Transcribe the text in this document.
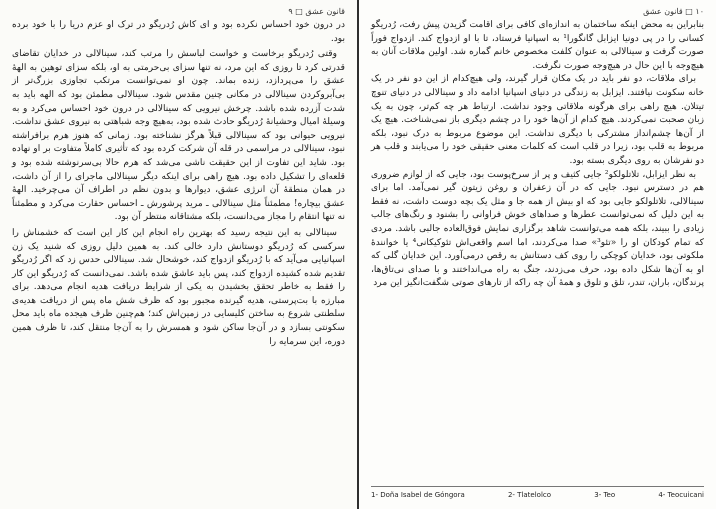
قانون عشق □ ۹

در درون خود احساس نکرده بود و ای کاش رُدریگو در ترک او عزم دریا را با خود برده بود.

وقتی رُدریگو برخاست و خواست لباسش را مرتب کند، سینالالی در خدایان تقاضای قدرتی کرد تا روزی که این مرد، نه تنها سزای بی‌حرمتی به او، بلکه سزای توهین به الههٔ عشق را می‌پردازد، زنده بماند. چون او نمی‌توانست مرتکب تجاوزی بزرگ‌تر از بی‌آبروکردن سینالالی در مکانی چنین مقدس شود. سینالالی مطمئن بود که الهه باید به شدت آزرده شده باشد. چرخش نیرویی که سینالالی در درون خود احساس می‌کرد و به وسیلهٔ امیال وحشیانهٔ رُدریگو حادث شده بود، به‌هیچ وجه شباهتی به نیروی عشق نداشت. نیرویی حیوانی بود که سینالالی قبلاً هرگز نشناخته بود. زمانی که هنوز هرم برافراشته نبود، سینالالی در مراسمی در قله آن شرکت کرده بود که تأثیری کاملاً متفاوت بر او نهاده بود. شاید این تفاوت از این حقیقت ناشی می‌شد که هرم حالا بی‌سرنوشته شده بود و قلعه‌ای را تشکیل داده بود. هیچ راهی برای اینکه دیگر سینالالی ماجرای را از آن داشت، در همان منطقهٔ آن انرژی عشق، دیوارها و بدون نظم در اطراف آن می‌چرخید. الههٔ عشق بیچاره! مطمئناً مثل سینالالی ـ مرید پرشورش ـ احساس حقارت می‌کرد و مطمئناً نه تنها انتقام را مجاز می‌دانست، بلکه مشتاقانه منتظر آن بود.

سینالالی به این نتیجه رسید که بهترین راه انجام این کار این است که خشمناش را سرکسی که رُدریگو دوستانش دارد خالی کند. به همین دلیل روزی که شنید یک زن اسپانیایی می‌آید که با رُدریگو ازدواج کند، خوشحال شد. سینالالی حدس زد که اگر رُدریگو تقدیم شده کشیده ازدواج کند، پس باید عاشق شده باشد. نمی‌دانست که رُدریگو این کار را فقط به خاطر تحقق بخشیدن به یکی از شرایط دریافت هدیه انجام می‌دهد. برای مبارزه با بت‌پرستی، هدیه گیرنده مجبور بود که ظرف شش ماه پس از دریافت هدیه‌ی سلطنتی شروع به ساختن کلیسایی در زمین‌اش کند؛ هم‌چنین ظرف هیجده ماه باید محل سکونتی بسازد و در آن‌جا ساکن شود و همسرش را به آن‌جا منتقل کند، تا ظرف همین دوره، این سرمایه را

۱۰ □ قانون عشق

بنابراین به محض اینکه ساختمان به اندازه‌ای کافی برای اقامت گزیدن پیش رفت، رُدریگو کسانی را در پی دونیا ایزابل گانگورا¹ به اسپانیا فرستاد، تا با او ازدواج کند. ازدواج فوراً صورت گرفت و سینالالی به عنوان کلفت مخصوص خانم گماره شد. اولین ملاقات آنان به هیچ‌وجه با این حال در هیچ‌وجه صورت نگرفت.

برای ملاقات، دو نفر باید در یک مکان قرار گیرند، ولی هیچ‌کدام از این دو نفر در یک خانه سکونت نیافتند. ایزابل به زندگی در دنیای اسپانیا ادامه داد و سینالالی در دنیای تنوچ تیتلان. هیچ راهی برای هرگونه ملاقاتی وجود نداشت. ارتباط هر چه کم‌تر، چون به یک زبان صحبت نمی‌کردند. هیچ کدام از آن‌ها خود را در چشم دیگری باز نمی‌شناخت. هیچ یک از آن‌ها چشم‌انداز مشترکی با دیگری نداشت. این موضوع مربوط به درک نبود، بلکه مربوط به قلب بود، زیرا در قلب است که کلمات معنی حقیقی خود را می‌یابند و قلب هر دو نفرشان به روی دیگری بسته بود.

به نظر ایزابل، تلاتلولکو² جایی کثیف و پر از سرخ‌پوست بود، جایی که از لوازم ضروری هم در دسترس نبود. جایی که در آن زعفران و روغن زیتون گیر نمی‌آمد. اما برای سینالالی، تلاتلولکو جایی بود که او بیش از همه جا و مثل یک بچه دوست داشت، نه فقط به این دلیل که نمی‌توانست عطرها و صداهای خوش فراوانی را بشنود و رنگ‌های جالب زیادی را ببیند، بلکه همه می‌توانست شاهد برگزاری نمایش فوق‌العاده جالبی باشد. مردی که تمام کودکان او را «تئو³» صدا می‌کردند، اما اسم واقعی‌اش تئوکیکانی⁴ یا خوانندهٔ ملکوتی بود، خدایان کوچکی را روی کف دستانش به رقص درمی‌آورد. این خدایان گلی که او به آن‌ها شکل داده بود، حرف می‌زدند، جنگ به راه می‌انداختند و با صدای نی‌تاق‌ها، پرندگان، باران، تندر، تلق و تلوق و همهٔ آن چه راکه از تارهای صوتی شگفت‌انگیز این مرد

1- Doña Isabel de Góngora	2- Tlatelolco	3- Teo	4- Teocuicani
